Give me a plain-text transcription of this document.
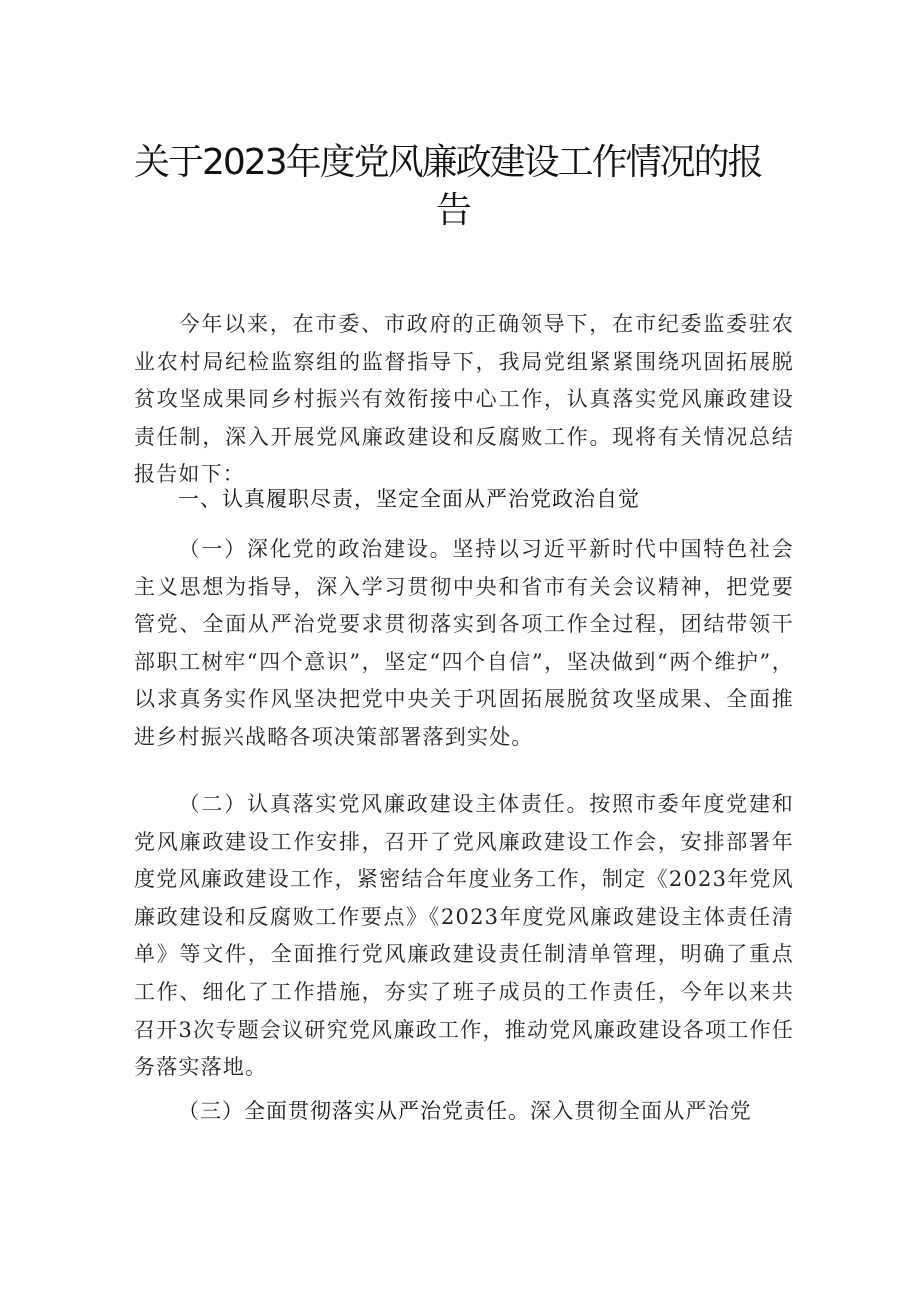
关于2023年度党风廉政建设工作情况的报
告
今年以来，在市委、市政府的正确领导下，在市纪委监委驻农业农村局纪检监察组的监督指导下，我局党组紧紧围绕巩固拓展脱贫攻坚成果同乡村振兴有效衔接中心工作，认真落实党风廉政建设责任制，深入开展党风廉政建设和反腐败工作。现将有关情况总结报告如下：
一、认真履职尽责，坚定全面从严治党政治自觉
（一）深化党的政治建设。坚持以习近平新时代中国特色社会主义思想为指导，深入学习贯彻中央和省市有关会议精神，把党要管党、全面从严治党要求贯彻落实到各项工作全过程，团结带领干部职工树牢“四个意识”，坚定“四个自信”，坚决做到“两个维护”，以求真务实作风坚决把党中央关于巩固拓展脱贫攻坚成果、全面推进乡村振兴战略各项决策部署落到实处。
（二）认真落实党风廉政建设主体责任。按照市委年度党建和党风廉政建设工作安排，召开了党风廉政建设工作会，安排部署年度党风廉政建设工作，紧密结合年度业务工作，制定《2023年党风廉政建设和反腐败工作要点》《2023年度党风廉政建设主体责任清单》等文件，全面推行党风廉政建设责任制清单管理，明确了重点工作、细化了工作措施，夯实了班子成员的工作责任，今年以来共召开3次专题会议研究党风廉政工作，推动党风廉政建设各项工作任务落实落地。
（三）全面贯彻落实从严治党责任。深入贯彻全面从严治党
